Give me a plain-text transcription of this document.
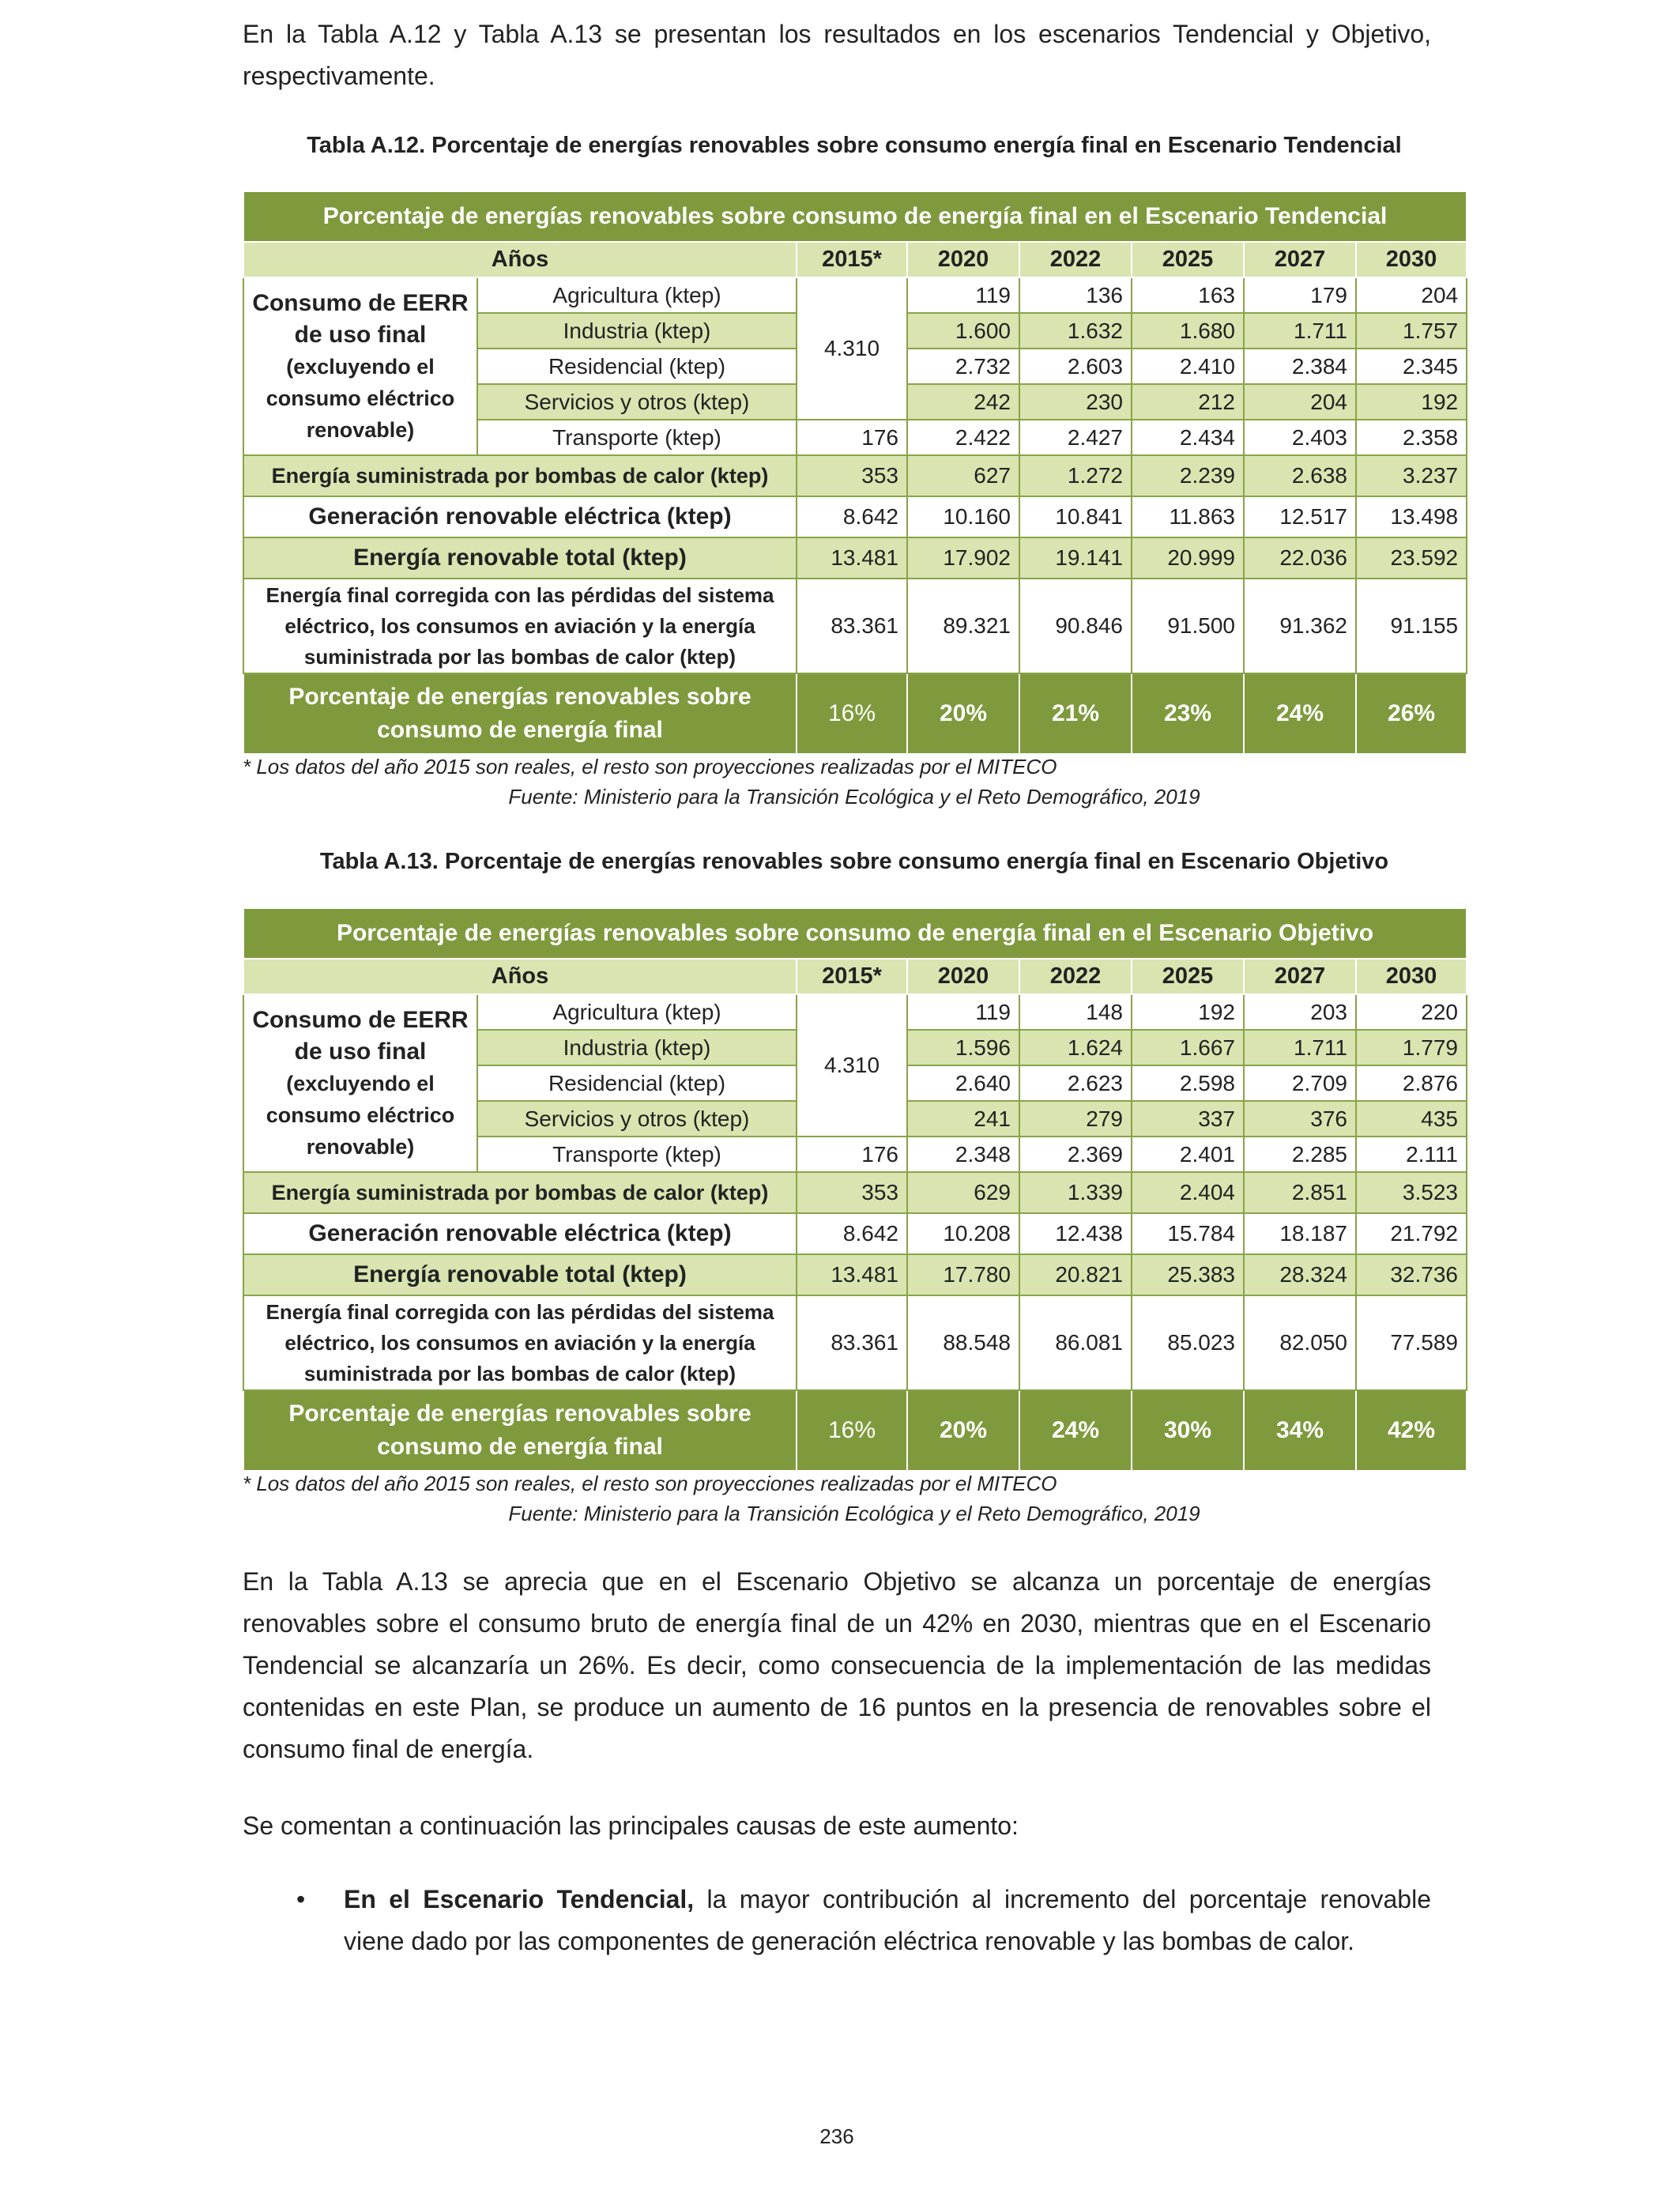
En la Tabla A.12 y Tabla A.13 se presentan los resultados en los escenarios Tendencial y Objetivo, respectivamente.

Tabla A.12. Porcentaje de energías renovables sobre consumo energía final en Escenario Tendencial
Porcentaje de energías renovables sobre consumo de energía final en el Escenario Tendencial							
Años		2015*	2020	2022	2025	2027	2030

Consumo de EERR de uso final
(excluyendo el consumo eléctrico renovable)	Agricultura (ktep)	4.310	119	136	163	179	204
	Industria (ktep)		1.600	1.632	1.680	1.711	1.757
	Residencial (ktep)		2.732	2.603	2.410	2.384	2.345
	Servicios y otros (ktep)		242	230	212	204	192
	Transporte (ktep)	176	2.422	2.427	2.434	2.403	2.358
Energía suministrada por bombas de calor (ktep)		353	627	1.272	2.239	2.638	3.237
Generación renovable eléctrica (ktep)		8.642	10.160	10.841	11.863	12.517	13.498
Energía renovable total (ktep)		13.481	17.902	19.141	20.999	22.036	23.592
Energía final corregida con las pérdidas del sistema eléctrico, los consumos en aviación y la energía suministrada por las bombas de calor (ktep)		83.361	89.321	90.846	91.500	91.362	91.155
Porcentaje de energías renovables sobre consumo de energía final		16%	20%	21%	23%	24%	26%
* Los datos del año 2015 son reales, el resto son proyecciones realizadas por el MITECO
Fuente: Ministerio para la Transición Ecológica y el Reto Demográfico, 2019
Tabla A.13. Porcentaje de energías renovables sobre consumo energía final en Escenario Objetivo
Porcentaje de energías renovables sobre consumo de energía final en el Escenario Objetivo							
Años		2015*	2020	2022	2025	2027	2030

Consumo de EERR de uso final
(excluyendo el consumo eléctrico renovable)	Agricultura (ktep)	4.310	119	148	192	203	220
	Industria (ktep)		1.596	1.624	1.667	1.711	1.779
	Residencial (ktep)		2.640	2.623	2.598	2.709	2.876
	Servicios y otros (ktep)		241	279	337	376	435
	Transporte (ktep)	176	2.348	2.369	2.401	2.285	2.111
Energía suministrada por bombas de calor (ktep)		353	629	1.339	2.404	2.851	3.523
Generación renovable eléctrica (ktep)		8.642	10.208	12.438	15.784	18.187	21.792
Energía renovable total (ktep)		13.481	17.780	20.821	25.383	28.324	32.736
Energía final corregida con las pérdidas del sistema eléctrico, los consumos en aviación y la energía suministrada por las bombas de calor (ktep)		83.361	88.548	86.081	85.023	82.050	77.589
Porcentaje de energías renovables sobre consumo de energía final		16%	20%	24%	30%	34%	42%
* Los datos del año 2015 son reales, el resto son proyecciones realizadas por el MITECO
Fuente: Ministerio para la Transición Ecológica y el Reto Demográfico, 2019

En la Tabla A.13 se aprecia que en el Escenario Objetivo se alcanza un porcentaje de energías renovables sobre el consumo bruto de energía final de un 42% en 2030, mientras que en el Escenario Tendencial se alcanzaría un 26%. Es decir, como consecuencia de la implementación de las medidas contenidas en este Plan, se produce un aumento de 16 puntos en la presencia de renovables sobre el consumo final de energía.

Se comentan a continuación las principales causas de este aumento:

• En el Escenario Tendencial, la mayor contribución al incremento del porcentaje renovable viene dado por las componentes de generación eléctrica renovable y las bombas de calor.
236
